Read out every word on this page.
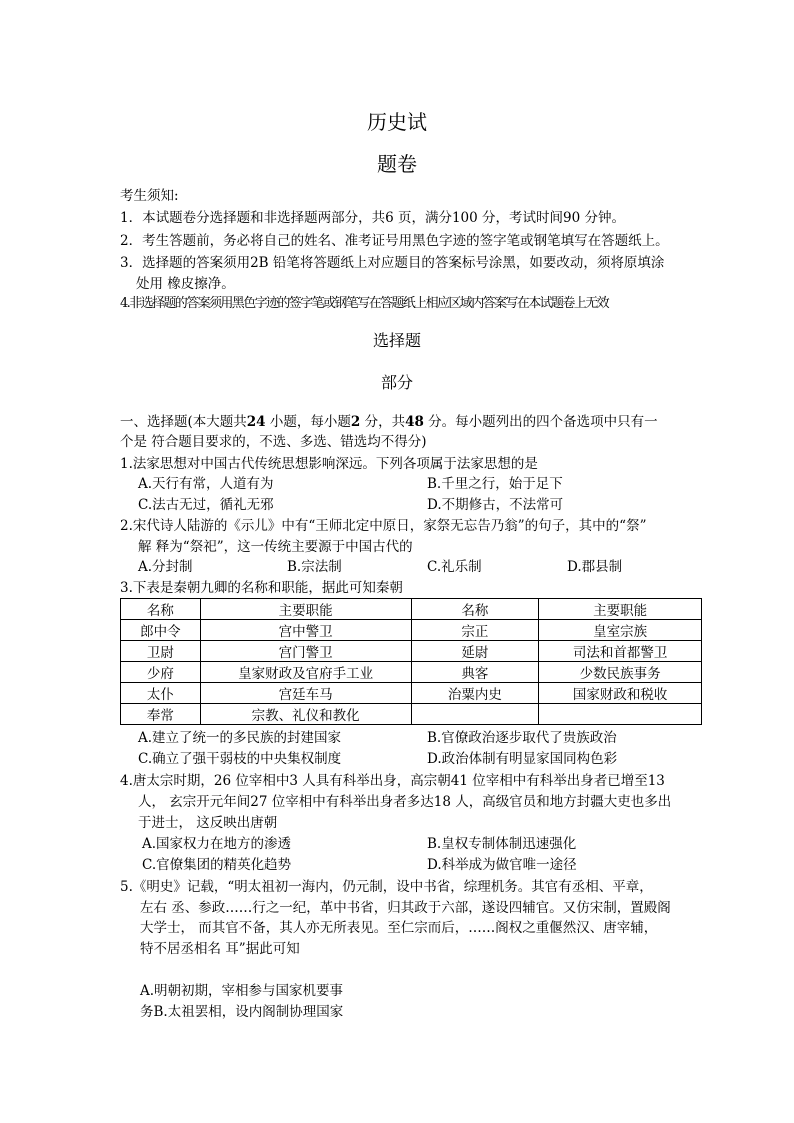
历史试
题卷
考生须知:
1．本试题卷分选择题和非选择题两部分，共6 页，满分100 分，考试时间90 分钟。
2．考生答题前，务必将自己的姓名、准考证号用黑色字迹的签字笔或钢笔填写在答题纸上。
3．选择题的答案须用2B 铅笔将答题纸上对应题目的答案标号涂黑，如要改动，须将原填涂
处用 橡皮擦净。
4.非选择题的答案须用黑色字迹的签字笔或钢笔写在答题纸上相应区域内答案写在本试题卷上无效
选择题
部分
一、选择题(本大题共24 小题，每小题2 分，共48 分。每小题列出的四个备选项中只有一
个是 符合题目要求的，不选、多选、错选均不得分)
1.法家思想对中国古代传统思想影响深远。下列各项属于法家思想的是
A.天行有常，人道有为	B.千里之行，始于足下
C.法古无过，循礼无邪	D.不期修古，不法常可
2.宋代诗人陆游的《示儿》中有“王师北定中原日，家祭无忘告乃翁”的句子，其中的“祭”
解 释为“祭祀”，这一传统主要源于中国古代的
A.分封制	B.宗法制	C.礼乐制	D.郡县制
3.下表是秦朝九卿的名称和职能，据此可知秦朝
名称	主要职能	名称	主要职能
郎中令	宫中警卫	宗正	皇室宗族
卫尉	宫门警卫	延尉	司法和首都警卫
少府	皇家财政及官府手工业	典客	少数民族事务
太仆	宫廷车马	治粟内史	国家财政和税收
奉常	宗教、礼仪和教化		
A.建立了统一的多民族的封建国家	B.官僚政治逐步取代了贵族政治
C.确立了强干弱枝的中央集权制度	D.政治体制有明显家国同构色彩
4.唐太宗时期，26 位宰相中3 人具有科举出身，高宗朝41 位宰相中有科举出身者已增至13
人， 玄宗开元年间27 位宰相中有科举出身者多达18 人，高级官员和地方封疆大吏也多出
于进士， 这反映出唐朝
A.国家权力在地方的渗透	B.皇权专制体制迅速强化
C.官僚集团的精英化趋势	D.科举成为做官唯一途径
5.《明史》记载，“明太祖初一海内，仍元制，设中书省，综理机务。其官有丞相、平章，
左右 丞、参政……行之一纪，革中书省，归其政于六部，遂设四辅官。又仿宋制，置殿阁
大学士， 而其官不备，其人亦无所表见。至仁宗而后，……阁权之重偃然汉、唐宰辅，
特不居丞相名 耳”据此可知
A.明朝初期，宰相参与国家机要事
务B.太祖罢相，设内阁制协理国家
